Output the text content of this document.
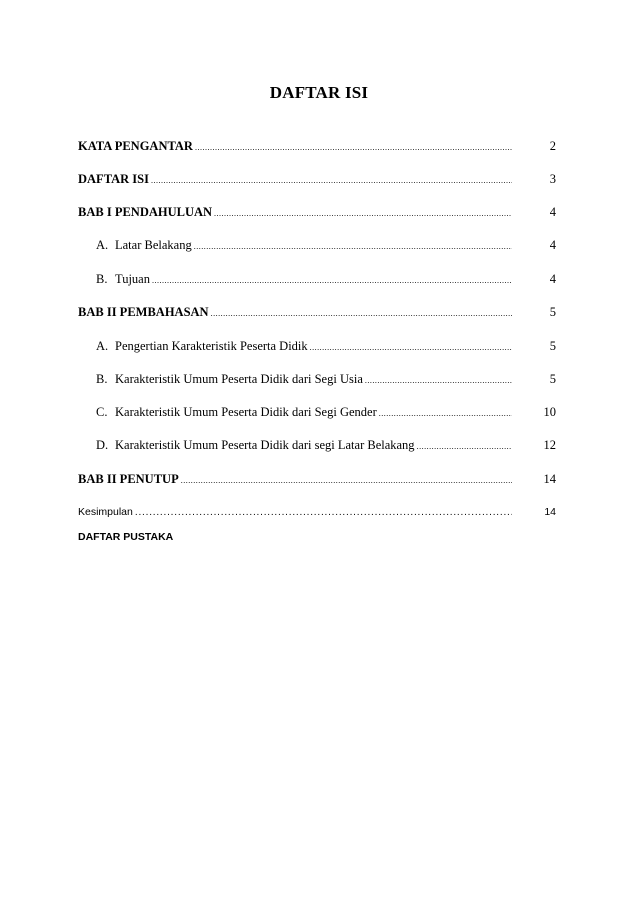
DAFTAR ISI
KATA PENGANTAR .....	2
DAFTAR ISI .....	3
BAB I PENDAHULUAN .....	4
A. Latar Belakang .....	4
B. Tujuan .....	4
BAB II PEMBAHASAN .....	5
A. Pengertian Karakteristik Peserta Didik .....	5
B. Karakteristik Umum Peserta Didik dari Segi Usia .....	5
C. Karakteristik Umum Peserta Didik dari Segi Gender .....	10
D. Karakteristik Umum Peserta Didik dari segi Latar Belakang .....	12
BAB II PENUTUP .....	14
Kesimpulan .....	14
DAFTAR PUSTAKA
